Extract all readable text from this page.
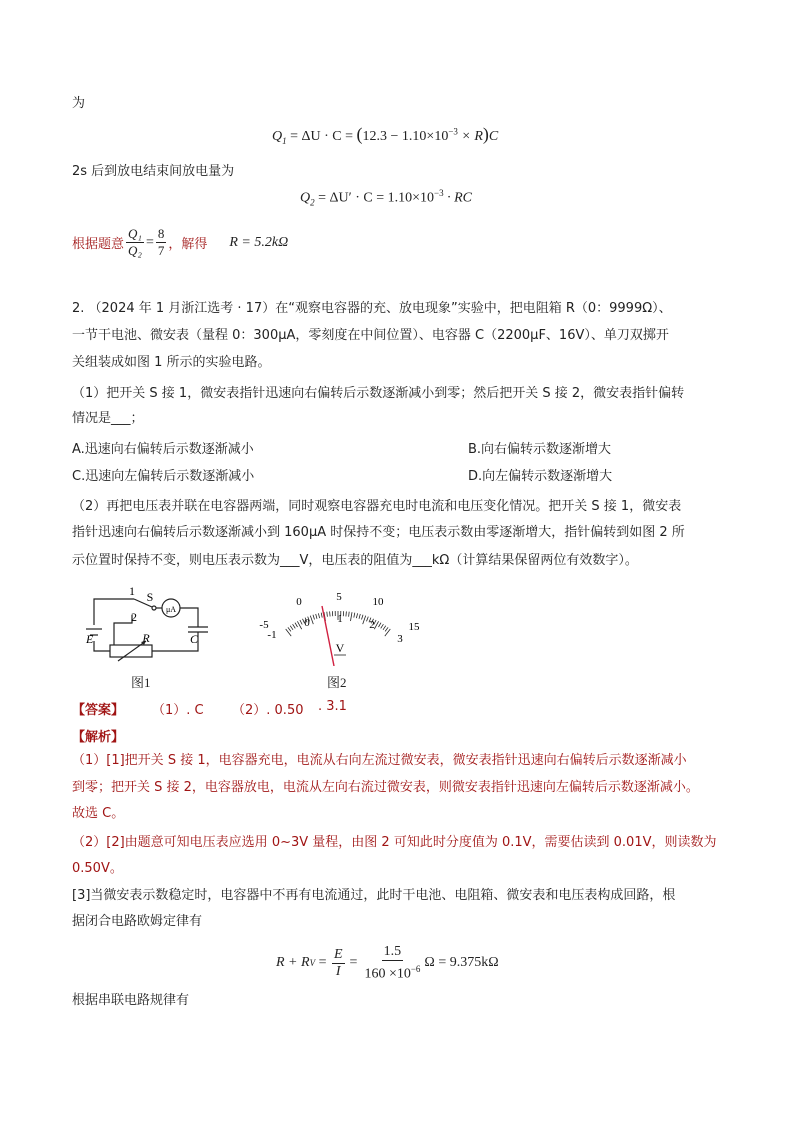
为
$Q_1 = \Delta U \cdot C = (12.3 - 1.10\times 10^{-3} \times R)C$
2s 后到放电结束间放电量为
$Q_2 = \Delta U' \cdot C = 1.10\times 10^{-3}$ · RC
根据题意 $\frac{\text{Q₁}}{\text{Q₂}} = \frac{8}{7}$ ，解得 R = 5.2kΩ
2. （2024 年 1 月浙江选考 · 17）在“观察电容器的充、放电现象”实验中，把电阻箱 R（0：9999Ω）、
一节干电池、微安表（量程 0：300μA，零刻度在中间位置）、电容器 C（2200μF、16V）、单刀双掷开
关组装成如图 1 所示的实验电路。
（1）把开关 S 接 1，微安表指针迅速向右偏转后示数逐渐减小到零；然后把开关 S 接 2，微安表指针偏转
情况是___；
A.迅速向右偏转后示数逐渐减小	B.向右偏转示数逐渐增大
C.迅速向左偏转后示数逐渐减小	D.向左偏转示数逐渐增大
（2）再把电压表并联在电容器两端，同时观察电容器充电时电流和电压变化情况。把开关 S 接 1，微安表
指针迅速向右偏转后示数逐渐减小到 160μA 时保持不变；电压表示数由零逐渐增大，指针偏转到如图 2 所
示位置时保持不变，则电压表示数为___V，电压表的阻值为___kΩ（计算结果保留两位有效数字）。
1
2
S
μA
R
E	C
图1
0	5	10
-5	15
0	1 2
-1	3
V
图2
【答案】 （1）. C （2）. 0.50 . 3.1
【解析】
（1）[1]把开关 S 接 1，电容器充电，电流从右向左流过微安表，微安表指针迅速向右偏转后示数逐渐减小
到零；把开关 S 接 2，电容器放电，电流从左向右流过微安表，则微安表指针迅速向左偏转后示数逐渐减小。
故选 C。
（2）[2]由题意可知电压表应选用 0~3V 量程，由图 2 可知此时分度值为 0.1V，需要估读到 0.01V，则读数为
0.50V。
[3]当微安表示数稳定时，电容器中不再有电流通过，此时干电池、电阻箱、微安表和电压表构成回路，根
据闭合电路欧姆定律有
R + R $V = \frac{E}{I} = \frac{1.5}{160 \times 10^{-6}}$ Ω = 9.375kΩ
根据串联电路规律有
